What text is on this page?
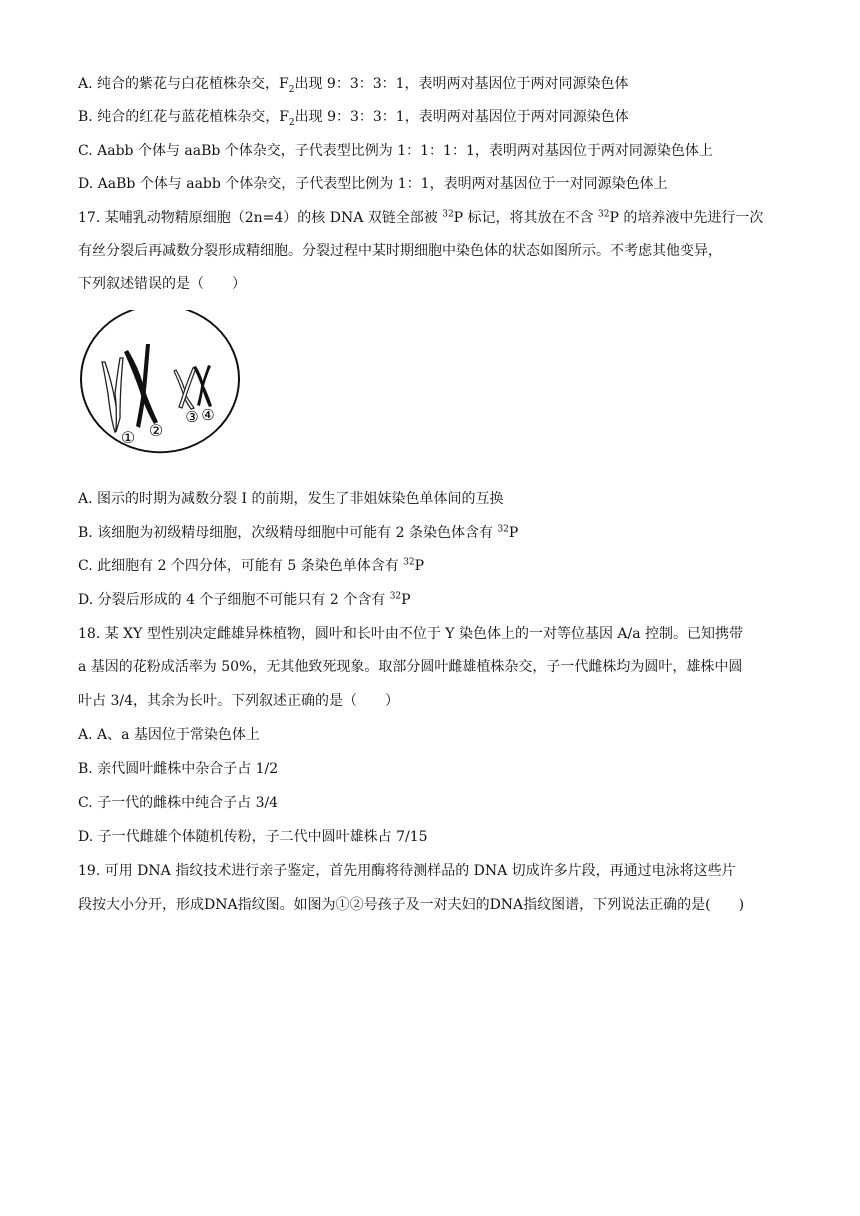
A. 纯合的紫花与白花植株杂交，$F_2$出现 9：3：3：1，表明两对基因位于两对同源染色体
B. 纯合的红花与蓝花植株杂交，$F_2$出现 9：3：3：1，表明两对基因位于两对同源染色体
C. Aabb 个体与 aaBb 个体杂交，子代表型比例为 1：1：1：1，表明两对基因位于两对同源染色体上
D. AaBb 个体与 aabb 个体杂交，子代表型比例为 1：1，表明两对基因位于一对同源染色体上
17. 某哺乳动物精原细胞（2n=4）的核 DNA 双链全部被 $^{32}$P 标记，将其放在不含 $^{32}$P 的培养液中先进行一次
有丝分裂后再减数分裂形成精细胞。分裂过程中某时期细胞中染色体的状态如图所示。不考虑其他变异，
下列叙述错误的是（　　）
① ②
③ ④
A. 图示的时期为减数分裂 I 的前期，发生了非姐妹染色单体间的互换
B. 该细胞为初级精母细胞，次级精母细胞中可能有 2 条染色体含有 $^{32}$P
C. 此细胞有 2 个四分体，可能有 5 条染色单体含有 $^{32}$P
D. 分裂后形成的 4 个子细胞不可能只有 2 个含有 $^{32}$P
18. 某 XY 型性别决定雌雄异株植物，圆叶和长叶由不位于 Y 染色体上的一对等位基因 A/a 控制。已知携带
a 基因的花粉成活率为 50%，无其他致死现象。取部分圆叶雌雄植株杂交，子一代雌株均为圆叶，雄株中圆
叶占 3/4，其余为长叶。下列叙述正确的是（　　）
A. A、a 基因位于常染色体上
B. 亲代圆叶雌株中杂合子占 1/2
C. 子一代的雌株中纯合子占 3/4
D. 子一代雌雄个体随机传粉，子二代中圆叶雄株占 7/15
19. 可用 DNA 指纹技术进行亲子鉴定，首先用酶将待测样品的 DNA 切成许多片段，再通过电泳将这些片
段按大小分开，形成DNA指纹图。如图为①②号孩子及一对夫妇的DNA指纹图谱，下列说法正确的是(　　)
